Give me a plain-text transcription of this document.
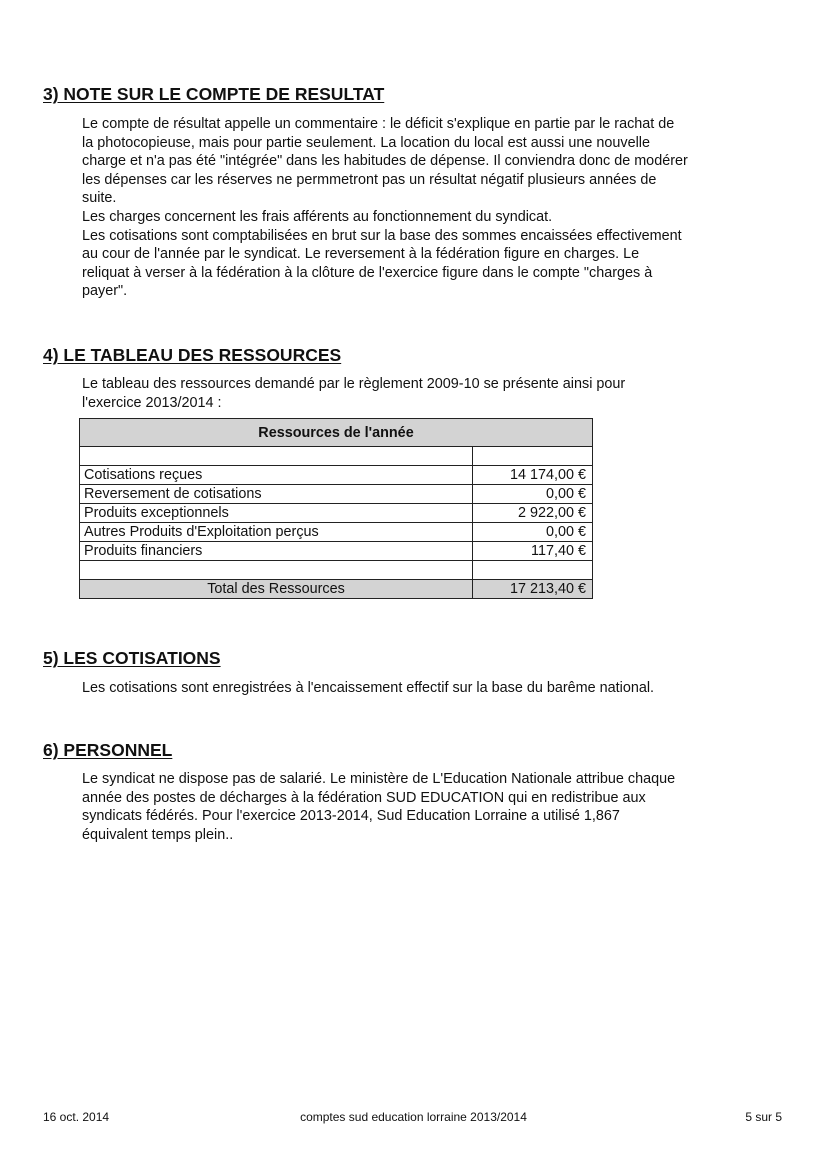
3) NOTE SUR LE COMPTE DE RESULTAT
Le compte de résultat appelle un commentaire : le déficit s'explique en partie par le rachat de
la photocopieuse, mais pour partie seulement. La location du local est aussi une nouvelle
charge et n'a pas été "intégrée" dans les habitudes de dépense. Il conviendra donc de modérer
les dépenses car les réserves ne permmetront pas un résultat négatif plusieurs années de
suite.
Les charges concernent les frais afférents au fonctionnement du syndicat.
Les cotisations sont comptabilisées en brut sur la base des sommes encaissées effectivement
au cour de l'année par le syndicat. Le reversement à la fédération figure en charges. Le
reliquat à verser à la fédération à la clôture de l'exercice figure dans le compte "charges à
payer".
4) LE TABLEAU DES RESSOURCES
Le tableau des ressources demandé par le règlement 2009-10 se présente ainsi pour
l'exercice 2013/2014 :
Ressources de l'année	

Cotisations reçues	14 174,00 €
Reversement de cotisations	0,00 €
Produits exceptionnels	2 922,00 €
Autres Produits d'Exploitation perçus	0,00 €
Produits financiers	117,40 €

Total des Ressources	17 213,40 €
5) LES COTISATIONS
Les cotisations sont enregistrées à l'encaissement effectif sur la base du barême national.
6) PERSONNEL
Le syndicat ne dispose pas de salarié. Le ministère de L'Education Nationale attribue chaque
année des postes de décharges à la fédération SUD EDUCATION qui en redistribue aux
syndicats fédérés. Pour l'exercice 2013-2014, Sud Education Lorraine a utilisé 1,867
équivalent temps plein..
16 oct. 2014	comptes sud education lorraine 2013/2014	5 sur 5
